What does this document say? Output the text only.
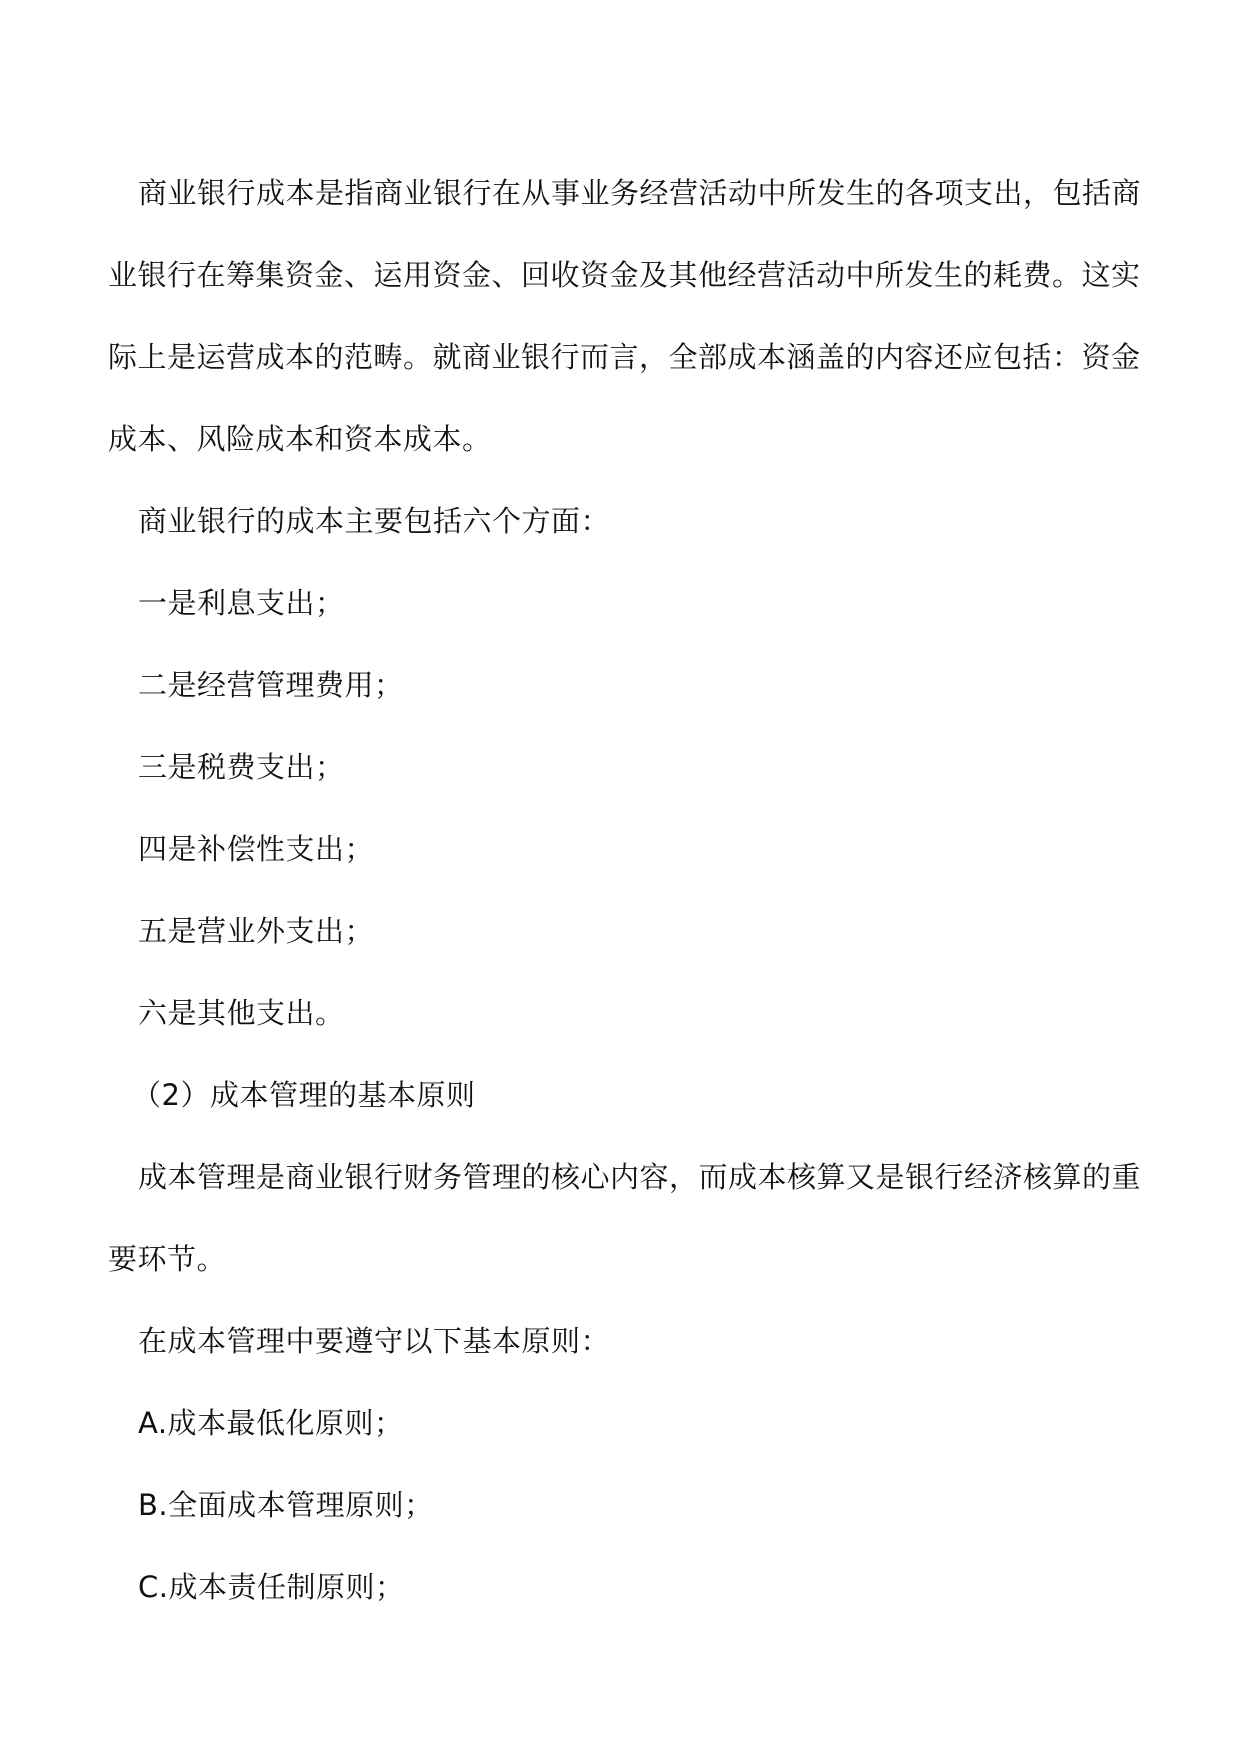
商业银行成本是指商业银行在从事业务经营活动中所发生的各项支出，包括商业银行在筹集资金、运用资金、回收资金及其他经营活动中所发生的耗费。这实际上是运营成本的范畴。就商业银行而言，全部成本涵盖的内容还应包括：资金成本、风险成本和资本成本。

商业银行的成本主要包括六个方面：

一是利息支出；

二是经营管理费用；

三是税费支出；

四是补偿性支出；

五是营业外支出；

六是其他支出。

（2）成本管理的基本原则

成本管理是商业银行财务管理的核心内容，而成本核算又是银行经济核算的重要环节。

在成本管理中要遵守以下基本原则：

A.成本最低化原则；

B.全面成本管理原则；

C.成本责任制原则；
